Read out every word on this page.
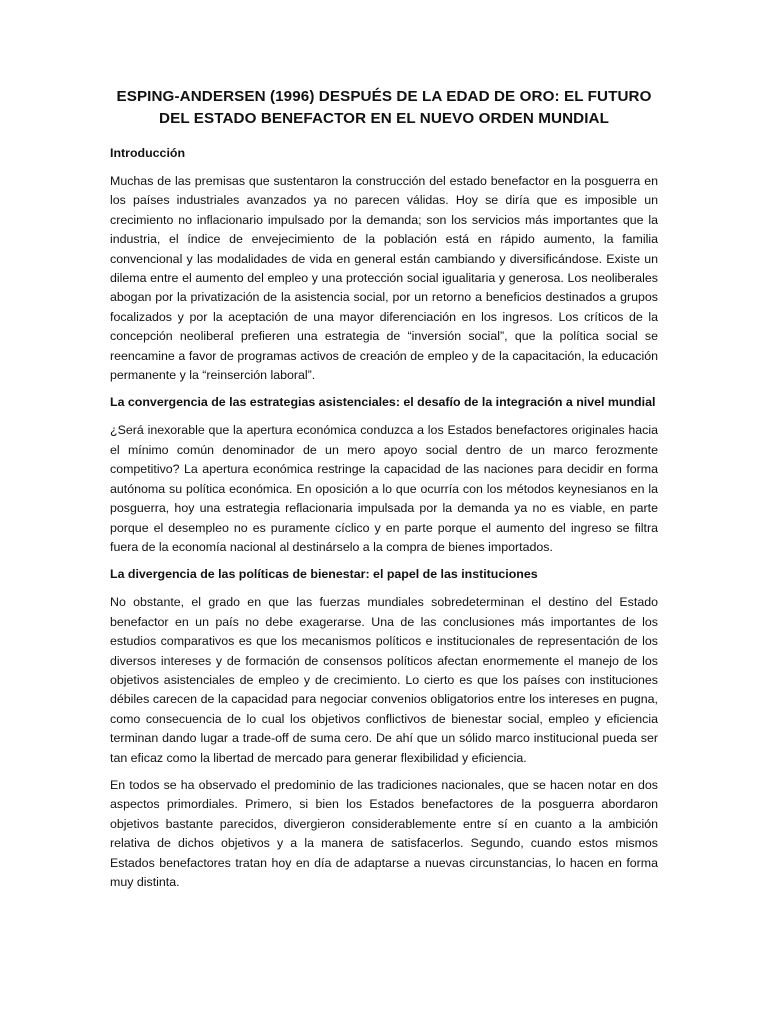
ESPING-ANDERSEN (1996) DESPUÉS DE LA EDAD DE ORO: EL FUTURO
DEL ESTADO BENEFACTOR EN EL NUEVO ORDEN MUNDIAL
Introducción

Muchas de las premisas que sustentaron la construcción del estado benefactor en la posguerra en los países industriales avanzados ya no parecen válidas. Hoy se diría que es imposible un crecimiento no inflacionario impulsado por la demanda; son los servicios más importantes que la industria, el índice de envejecimiento de la población está en rápido aumento, la familia convencional y las modalidades de vida en general están cambiando y diversificándose. Existe un dilema entre el aumento del empleo y una protección social igualitaria y generosa. Los neoliberales abogan por la privatización de la asistencia social, por un retorno a beneficios destinados a grupos focalizados y por la aceptación de una mayor diferenciación en los ingresos. Los críticos de la concepción neoliberal prefieren una estrategia de “inversión social”, que la política social se reencamine a favor de programas activos de creación de empleo y de la capacitación, la educación permanente y la “reinserción laboral”.

La convergencia de las estrategias asistenciales: el desafío de la integración a nivel mundial

¿Será inexorable que la apertura económica conduzca a los Estados benefactores originales hacia el mínimo común denominador de un mero apoyo social dentro de un marco ferozmente competitivo? La apertura económica restringe la capacidad de las naciones para decidir en forma autónoma su política económica. En oposición a lo que ocurría con los métodos keynesianos en la posguerra, hoy una estrategia reflacionaria impulsada por la demanda ya no es viable, en parte porque el desempleo no es puramente cíclico y en parte porque el aumento del ingreso se filtra fuera de la economía nacional al destinárselo a la compra de bienes importados.

La divergencia de las políticas de bienestar: el papel de las instituciones

No obstante, el grado en que las fuerzas mundiales sobredeterminan el destino del Estado benefactor en un país no debe exagerarse. Una de las conclusiones más importantes de los estudios comparativos es que los mecanismos políticos e institucionales de representación de los diversos intereses y de formación de consensos políticos afectan enormemente el manejo de los objetivos asistenciales de empleo y de crecimiento. Lo cierto es que los países con instituciones débiles carecen de la capacidad para negociar convenios obligatorios entre los intereses en pugna, como consecuencia de lo cual los objetivos conflictivos de bienestar social, empleo y eficiencia terminan dando lugar a trade-off de suma cero. De ahí que un sólido marco institucional pueda ser tan eficaz como la libertad de mercado para generar flexibilidad y eficiencia.

En todos se ha observado el predominio de las tradiciones nacionales, que se hacen notar en dos aspectos primordiales. Primero, si bien los Estados benefactores de la posguerra abordaron objetivos bastante parecidos, divergieron considerablemente entre sí en cuanto a la ambición relativa de dichos objetivos y a la manera de satisfacerlos. Segundo, cuando estos mismos Estados benefactores tratan hoy en día de adaptarse a nuevas circunstancias, lo hacen en forma muy distinta.
